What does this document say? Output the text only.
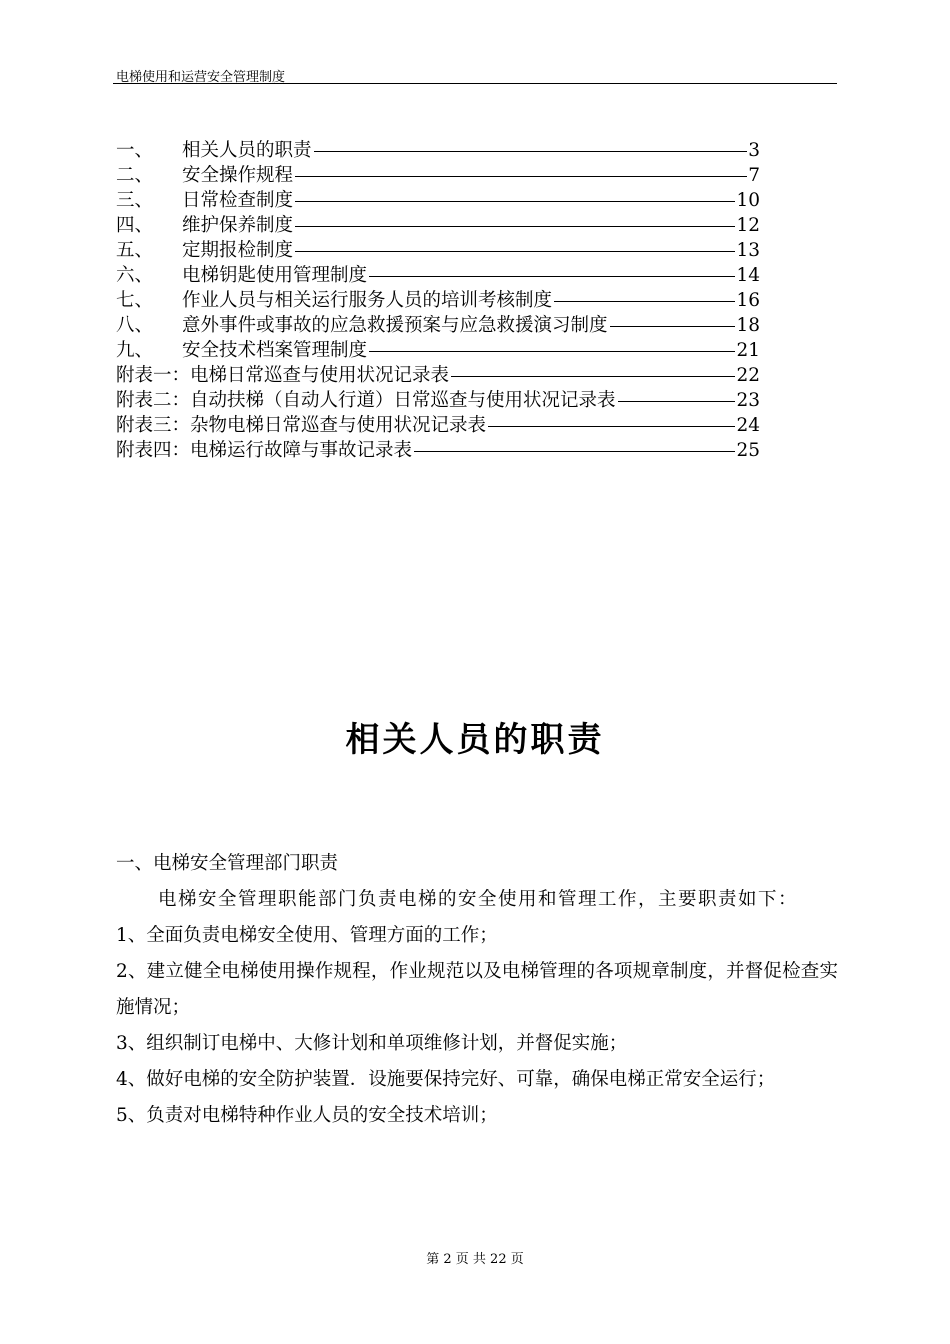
电梯使用和运营安全管理制度
一、	相关人员的职责	3
二、	安全操作规程	7
三、	日常检查制度	10
四、	维护保养制度	12
五、	定期报检制度	13
六、	电梯钥匙使用管理制度	14
七、	作业人员与相关运行服务人员的培训考核制度	16
八、	意外事件或事故的应急救援预案与应急救援演习制度	18
九、	安全技术档案管理制度	21
附表一：电梯日常巡查与使用状况记录表	22
附表二：自动扶梯（自动人行道）日常巡查与使用状况记录表	23
附表三：杂物电梯日常巡查与使用状况记录表	24
附表四：电梯运行故障与事故记录表	25
相关人员的职责

一、电梯安全管理部门职责

电梯安全管理职能部门负责电梯的安全使用和管理工作，主要职责如下：

1、全面负责电梯安全使用、管理方面的工作；

2、建立健全电梯使用操作规程，作业规范以及电梯管理的各项规章制度，并督促检查实施情况；

3、组织制订电梯中、大修计划和单项维修计划，并督促实施；

4、做好电梯的安全防护装置．设施要保持完好、可靠，确保电梯正常安全运行；

5、负责对电梯特种作业人员的安全技术培训；

第 2 页 共 22 页
